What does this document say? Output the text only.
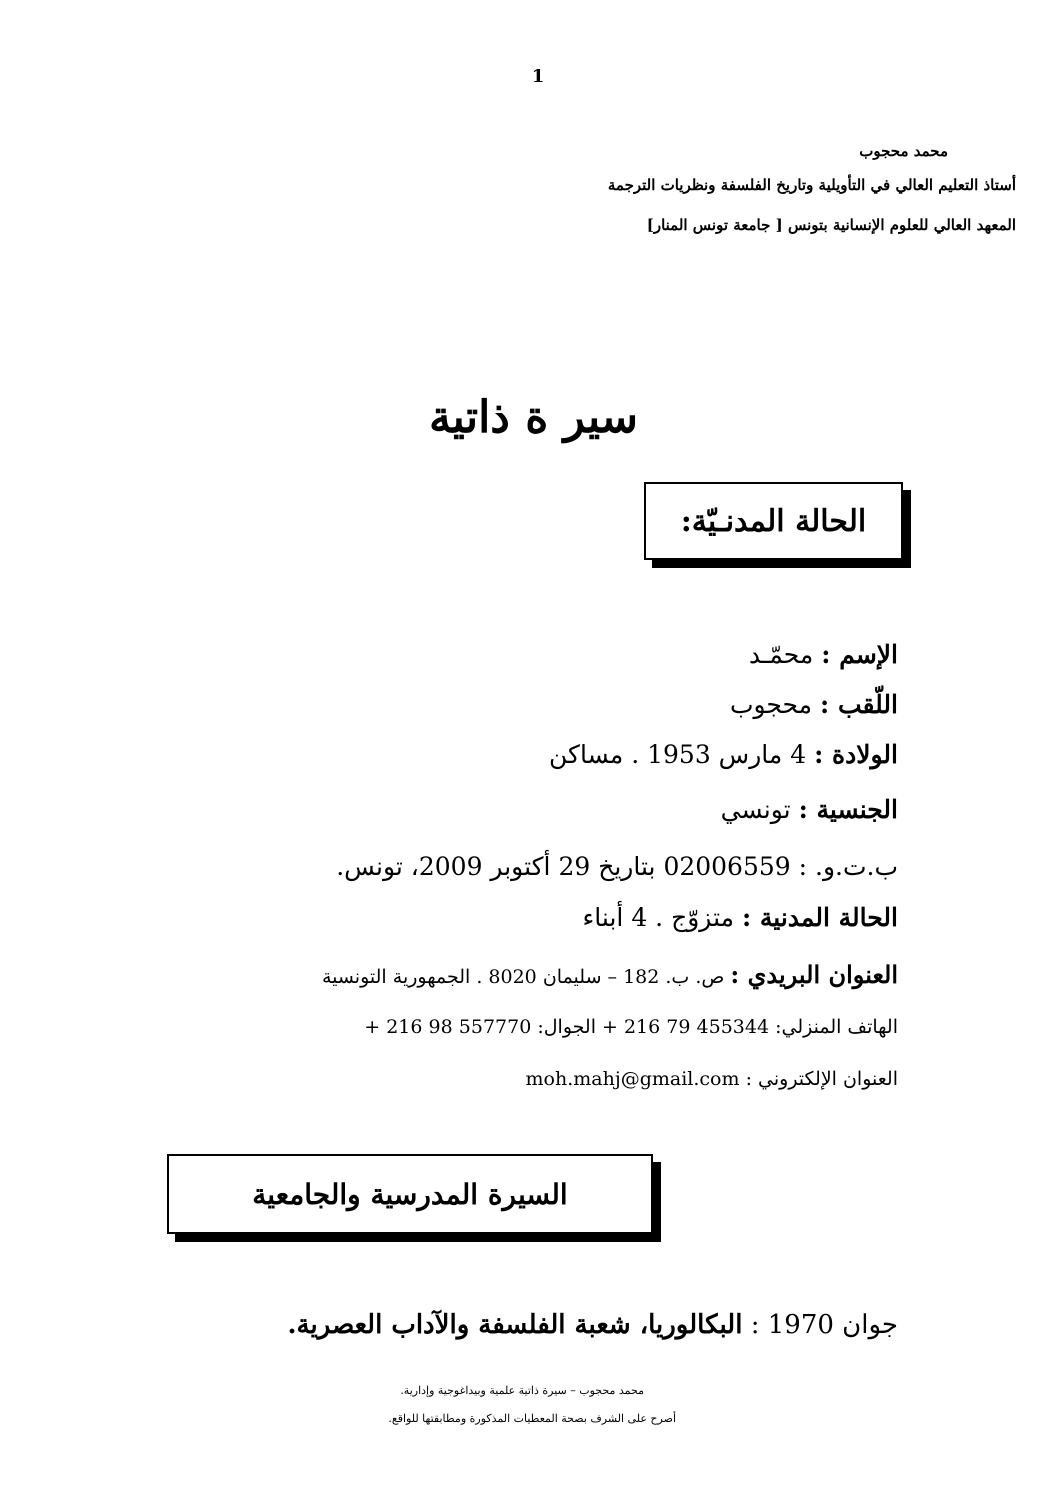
1
محمد محجوب
أستاذ التعليم العالي في التأويلية وتاريخ الفلسفة ونظريات الترجمة
المعهد العالي للعلوم الإنسانية بتونس [ جامعة تونس المنار]
سير ة ذاتية
الحالة المدنـيّة:
الإسم : محمّـد
اللّقب : محجوب
الولادة : 4 مارس 1953 . مساكن
الجنسية : تونسي
ب.ت.و. : 02006559 بتاريخ 29 أكتوبر 2009، تونس.
الحالة المدنية : متزوّج . 4 أبناء
العنوان البريدي : ص. ب. 182 – سليمان 8020 . الجمهورية التونسية
الهاتف المنزلي: 455344 79 216 + الجوال: 557770 98 216 +
العنوان الإلكتروني : moh.mahj@gmail.com
السيرة المدرسية والجامعية
جوان 1970 : البكالوريا، شعبة الفلسفة والآداب العصرية.
محمد محجوب – سيرة ذاتية علمية وبيداغوجية وإدارية.
أصرح على الشرف بصحة المعطيات المذكورة ومطابقتها للواقع.
